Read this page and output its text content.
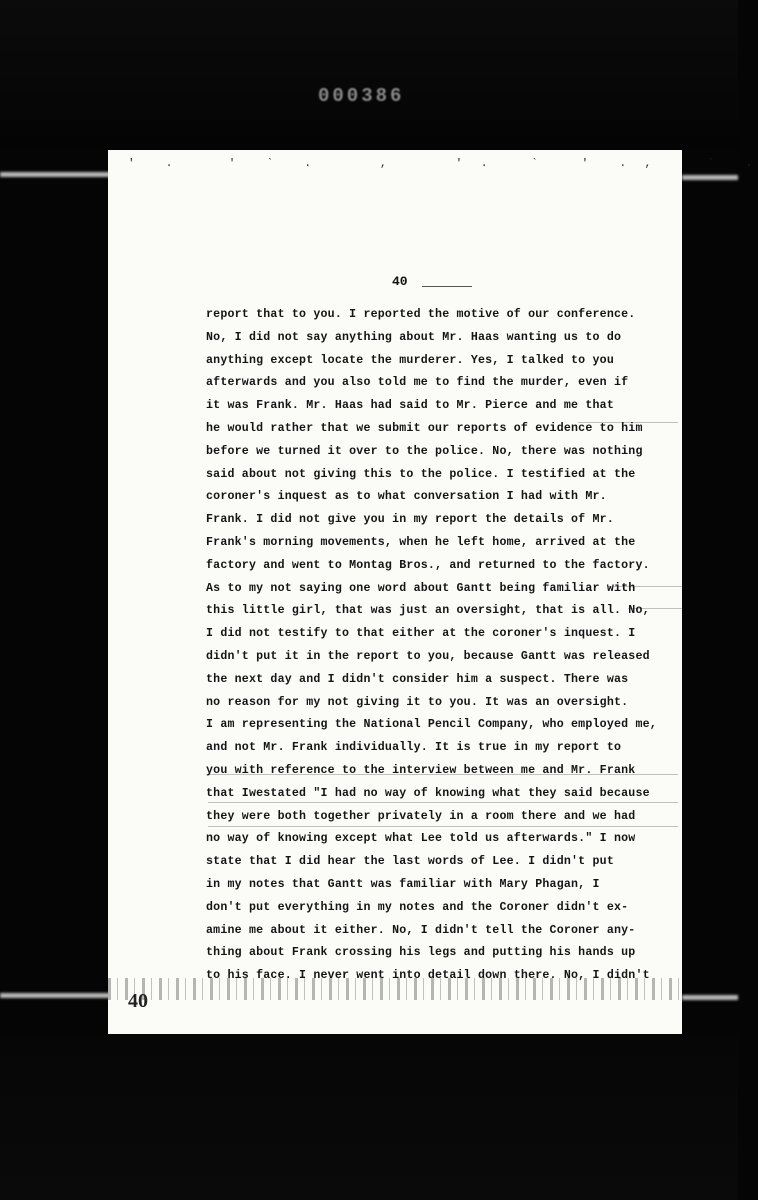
000386
'  .    '  `  .     ,     ' .   `   '  . ,    ´  .
40
report that to you. I reported the motive of our conference.
No, I did not say anything about Mr. Haas wanting us to do
anything except locate the murderer. Yes, I talked to you
afterwards and you also told me to find the murder, even if
it was Frank. Mr. Haas had said to Mr. Pierce and me that
he would rather that we submit our reports of evidence to him
before we turned it over to the police. No, there was nothing
said about not giving this to the police. I testified at the
coroner's inquest as to what conversation I had with Mr.
Frank. I did not give you in my report the details of Mr.
Frank's morning movements, when he left home, arrived at the
factory and went to Montag Bros., and returned to the factory.
As to my not saying one word about Gantt being familiar with
this little girl, that was just an oversight, that is all. No,
I did not testify to that either at the coroner's inquest. I
didn't put it in the report to you, because Gantt was released
the next day and I didn't consider him a suspect. There was
no reason for my not giving it to you. It was an oversight.
I am representing the National Pencil Company, who employed me,
and not Mr. Frank individually. It is true in my report to
you with reference to the interview between me and Mr. Frank
that Iwestated "I had no way of knowing what they said because
they were both together privately in a room there and we had
no way of knowing except what Lee told us afterwards." I now
state that I did hear the last words of Lee. I didn't put
in my notes that Gantt was familiar with Mary Phagan, I
don't put everything in my notes and the Coroner didn't ex-
amine me about it either. No, I didn't tell the Coroner any-
thing about Frank crossing his legs and putting his hands up
to his face. I never went into detail down there. No, I didn't
40
